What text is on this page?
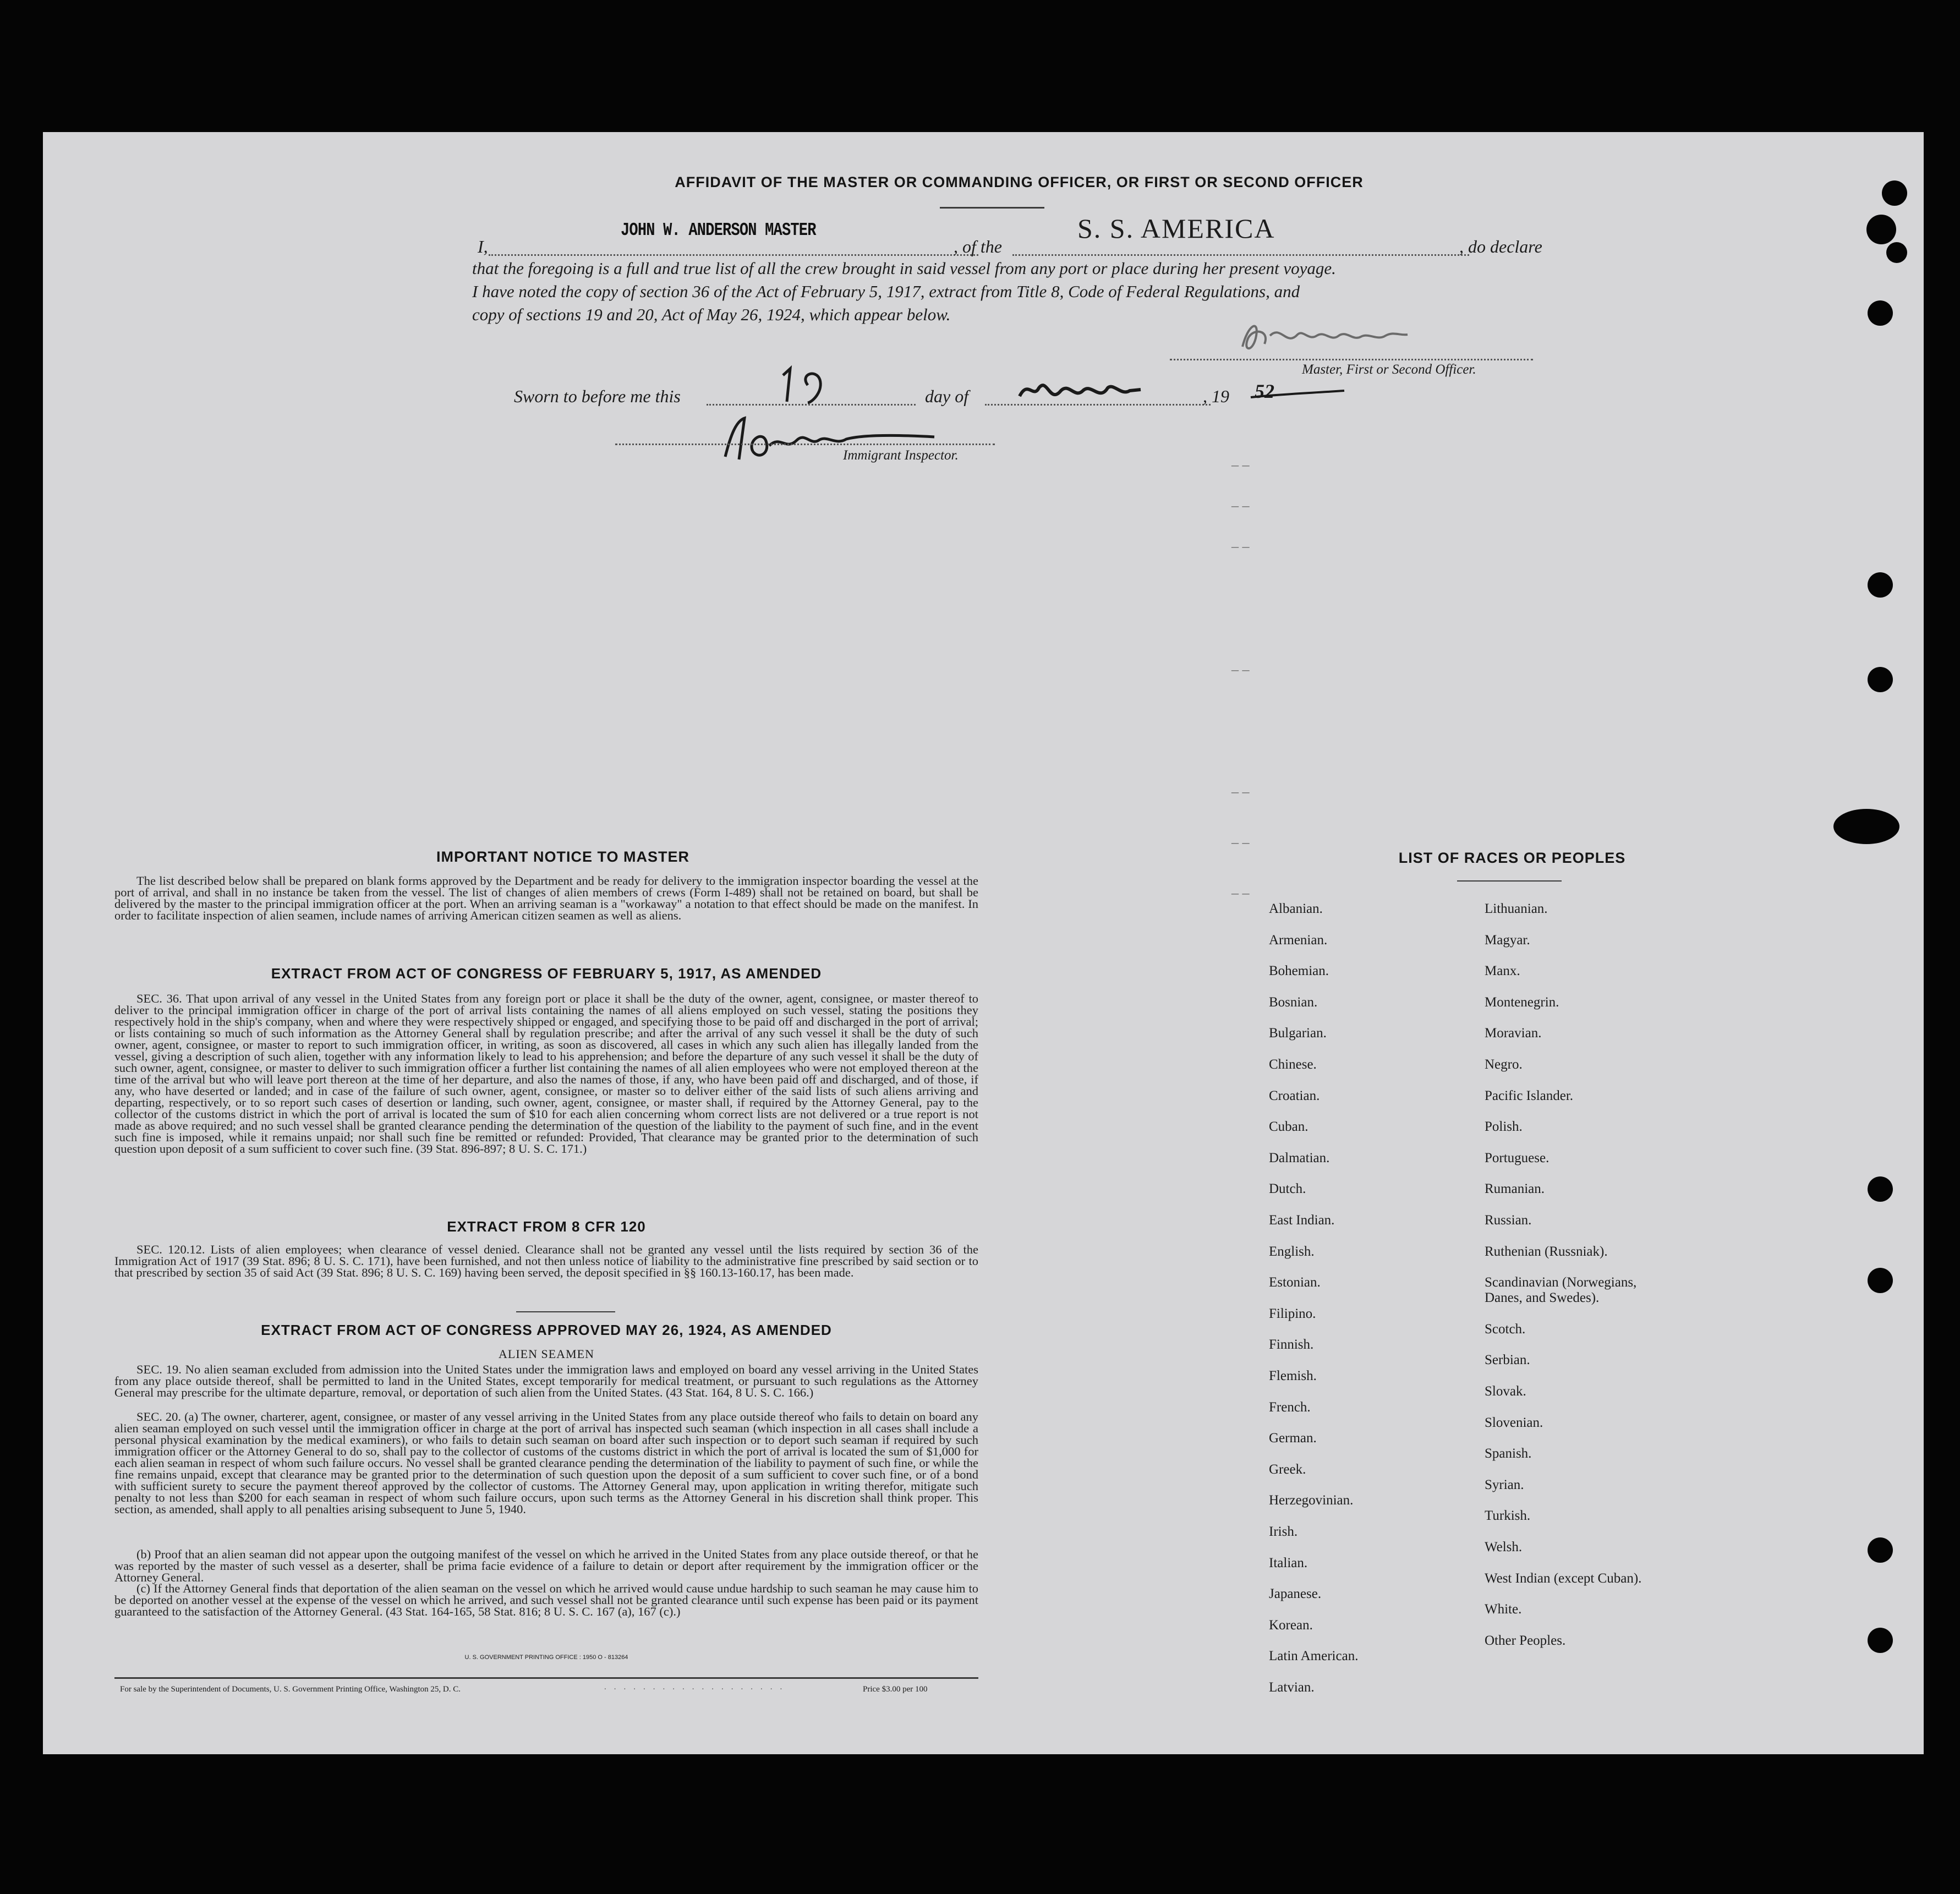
AFFIDAVIT OF THE MASTER OR COMMANDING OFFICER, OR FIRST OR SECOND OFFICER
I,
JOHN W. ANDERSON MASTER
, of the
S. S. AMERICA
, do declare
that the foregoing is a full and true list of all the crew brought in said vessel from any port or place during her present voyage.
I have noted the copy of section 36 of the Act of February 5, 1917, extract from Title 8, Code of Federal Regulations, and
copy of sections 19 and 20, Act of May 26, 1924, which appear below.
Master, First or Second Officer.
Sworn to before me this	day of	, 19 52
Immigrant Inspector.
– –
– –
– –
– –
– –
– –
– –
IMPORTANT NOTICE TO MASTER
The list described below shall be prepared on blank forms approved by the Department and be ready for delivery to the immigration inspector boarding the vessel at the port of arrival, and shall in no instance be taken from the vessel. The list of changes of alien members of crews (Form I-489) shall not be retained on board, but shall be delivered by the master to the principal immigration officer at the port. When an arriving seaman is a "workaway" a notation to that effect should be made on the manifest. In order to facilitate inspection of alien seamen, include names of arriving American citizen seamen as well as aliens.
EXTRACT FROM ACT OF CONGRESS OF FEBRUARY 5, 1917, AS AMENDED
SEC. 36. That upon arrival of any vessel in the United States from any foreign port or place it shall be the duty of the owner, agent, consignee, or master thereof to deliver to the principal immigration officer in charge of the port of arrival lists containing the names of all aliens employed on such vessel, stating the positions they respectively hold in the ship's company, when and where they were respectively shipped or engaged, and specifying those to be paid off and discharged in the port of arrival; or lists containing so much of such information as the Attorney General shall by regulation prescribe; and after the arrival of any such vessel it shall be the duty of such owner, agent, consignee, or master to report to such immigration officer, in writing, as soon as discovered, all cases in which any such alien has illegally landed from the vessel, giving a description of such alien, together with any information likely to lead to his apprehension; and before the departure of any such vessel it shall be the duty of such owner, agent, consignee, or master to deliver to such immigration officer a further list containing the names of all alien employees who were not employed thereon at the time of the arrival but who will leave port thereon at the time of her departure, and also the names of those, if any, who have been paid off and discharged, and of those, if any, who have deserted or landed; and in case of the failure of such owner, agent, consignee, or master so to deliver either of the said lists of such aliens arriving and departing, respectively, or to so report such cases of desertion or landing, such owner, agent, consignee, or master shall, if required by the Attorney General, pay to the collector of the customs district in which the port of arrival is located the sum of $10 for each alien concerning whom correct lists are not delivered or a true report is not made as above required; and no such vessel shall be granted clearance pending the determination of the question of the liability to the payment of such fine, and in the event such fine is imposed, while it remains unpaid; nor shall such fine be remitted or refunded: Provided, That clearance may be granted prior to the determination of such question upon deposit of a sum sufficient to cover such fine. (39 Stat. 896-897; 8 U. S. C. 171.)
EXTRACT FROM 8 CFR 120
SEC. 120.12. Lists of alien employees; when clearance of vessel denied. Clearance shall not be granted any vessel until the lists required by section 36 of the Immigration Act of 1917 (39 Stat. 896; 8 U. S. C. 171), have been furnished, and not then unless notice of liability to the administrative fine prescribed by said section or to that prescribed by section 35 of said Act (39 Stat. 896; 8 U. S. C. 169) having been served, the deposit specified in §§ 160.13-160.17, has been made.
EXTRACT FROM ACT OF CONGRESS APPROVED MAY 26, 1924, AS AMENDED
ALIEN SEAMEN
SEC. 19. No alien seaman excluded from admission into the United States under the immigration laws and employed on board any vessel arriving in the United States from any place outside thereof, shall be permitted to land in the United States, except temporarily for medical treatment, or pursuant to such regulations as the Attorney General may prescribe for the ultimate departure, removal, or deportation of such alien from the United States. (43 Stat. 164, 8 U. S. C. 166.)
SEC. 20. (a) The owner, charterer, agent, consignee, or master of any vessel arriving in the United States from any place outside thereof who fails to detain on board any alien seaman employed on such vessel until the immigration officer in charge at the port of arrival has inspected such seaman (which inspection in all cases shall include a personal physical examination by the medical examiners), or who fails to detain such seaman on board after such inspection or to deport such seaman if required by such immigration officer or the Attorney General to do so, shall pay to the collector of customs of the customs district in which the port of arrival is located the sum of $1,000 for each alien seaman in respect of whom such failure occurs. No vessel shall be granted clearance pending the determination of the liability to payment of such fine, or while the fine remains unpaid, except that clearance may be granted prior to the determination of such question upon the deposit of a sum sufficient to cover such fine, or of a bond with sufficient surety to secure the payment thereof approved by the collector of customs. The Attorney General may, upon application in writing therefor, mitigate such penalty to not less than $200 for each seaman in respect of whom such failure occurs, upon such terms as the Attorney General in his discretion shall think proper. This section, as amended, shall apply to all penalties arising subsequent to June 5, 1940.
(b) Proof that an alien seaman did not appear upon the outgoing manifest of the vessel on which he arrived in the United States from any place outside thereof, or that he was reported by the master of such vessel as a deserter, shall be prima facie evidence of a failure to detain or deport after requirement by the immigration officer or the Attorney General.
(c) If the Attorney General finds that deportation of the alien seaman on the vessel on which he arrived would cause undue hardship to such seaman he may cause him to be deported on another vessel at the expense of the vessel on which he arrived, and such vessel shall not be granted clearance until such expense has been paid or its payment guaranteed to the satisfaction of the Attorney General. (43 Stat. 164-165, 58 Stat. 816; 8 U. S. C. 167 (a), 167 (c).)
U. S. GOVERNMENT PRINTING OFFICE : 1950 O - 813264
For sale by the Superintendent of Documents, U. S. Government Printing Office, Washington 25, D. C.	...................	Price $3.00 per 100
LIST OF RACES OR PEOPLES
Albanian.
Armenian.
Bohemian.
Bosnian.
Bulgarian.
Chinese.
Croatian.
Cuban.
Dalmatian.
Dutch.
East Indian.
English.
Estonian.
Filipino.
Finnish.
Flemish.
French.
German.
Greek.
Herzegovinian.
Irish.
Italian.
Japanese.
Korean.
Latin American.
Latvian.
Lithuanian.
Magyar.
Manx.
Montenegrin.
Moravian.
Negro.
Pacific Islander.
Polish.
Portuguese.
Rumanian.
Russian.
Ruthenian (Russniak).
Scandinavian (Norwegians,
Danes, and Swedes).
Scotch.
Serbian.
Slovak.
Slovenian.
Spanish.
Syrian.
Turkish.
Welsh.
West Indian (except Cuban).
White.
Other Peoples.
